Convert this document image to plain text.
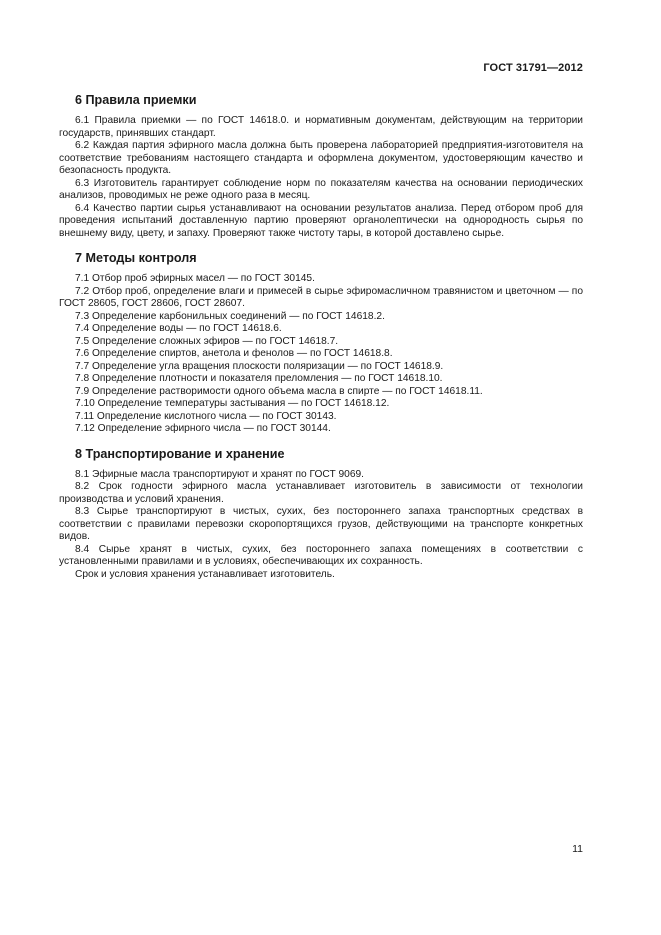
ГОСТ 31791—2012
6 Правила приемки

6.1 Правила приемки — по ГОСТ 14618.0. и нормативным документам, действующим на территории государств, принявших стандарт.

6.2 Каждая партия эфирного масла должна быть проверена лабораторией предприятия-изготовителя на соответствие требованиям настоящего стандарта и оформлена документом, удостоверяющим качество и безопасность продукта.

6.3 Изготовитель гарантирует соблюдение норм по показателям качества на основании периодических анализов, проводимых не реже одного раза в месяц.

6.4 Качество партии сырья устанавливают на основании результатов анализа. Перед отбором проб для проведения испытаний доставленную партию проверяют органолептически на однородность сырья по внешнему виду, цвету, и запаху. Проверяют также чистоту тары, в которой доставлено сырье.

7 Методы контроля

7.1 Отбор проб эфирных масел — по ГОСТ 30145.

7.2 Отбор проб, определение влаги и примесей в сырье эфиромасличном травянистом и цветочном — по ГОСТ 28605, ГОСТ 28606, ГОСТ 28607.

7.3 Определение карбонильных соединений — по ГОСТ 14618.2.

7.4 Определение воды — по ГОСТ 14618.6.

7.5 Определение сложных эфиров — по ГОСТ 14618.7.

7.6 Определение спиртов, анетола и фенолов — по ГОСТ 14618.8.

7.7 Определение угла вращения плоскости поляризации — по ГОСТ 14618.9.

7.8 Определение плотности и показателя преломления — по ГОСТ 14618.10.

7.9 Определение растворимости одного объема масла в спирте — по ГОСТ 14618.11.

7.10 Определение температуры застывания — по ГОСТ 14618.12.

7.11 Определение кислотного числа — по ГОСТ 30143.

7.12 Определение эфирного числа — по ГОСТ 30144.

8 Транспортирование и хранение

8.1 Эфирные масла транспортируют и хранят по ГОСТ 9069.

8.2 Срок годности эфирного масла устанавливает изготовитель в зависимости от технологии производства и условий хранения.

8.3 Сырье транспортируют в чистых, сухих, без постороннего запаха транспортных средствах в соответствии с правилами перевозки скоропортящихся грузов, действующими на транспорте конкретных видов.

8.4 Сырье хранят в чистых, сухих, без постороннего запаха помещениях в соответствии с установленными правилами и в условиях, обеспечивающих их сохранность.

Срок и условия хранения устанавливает изготовитель.

11
